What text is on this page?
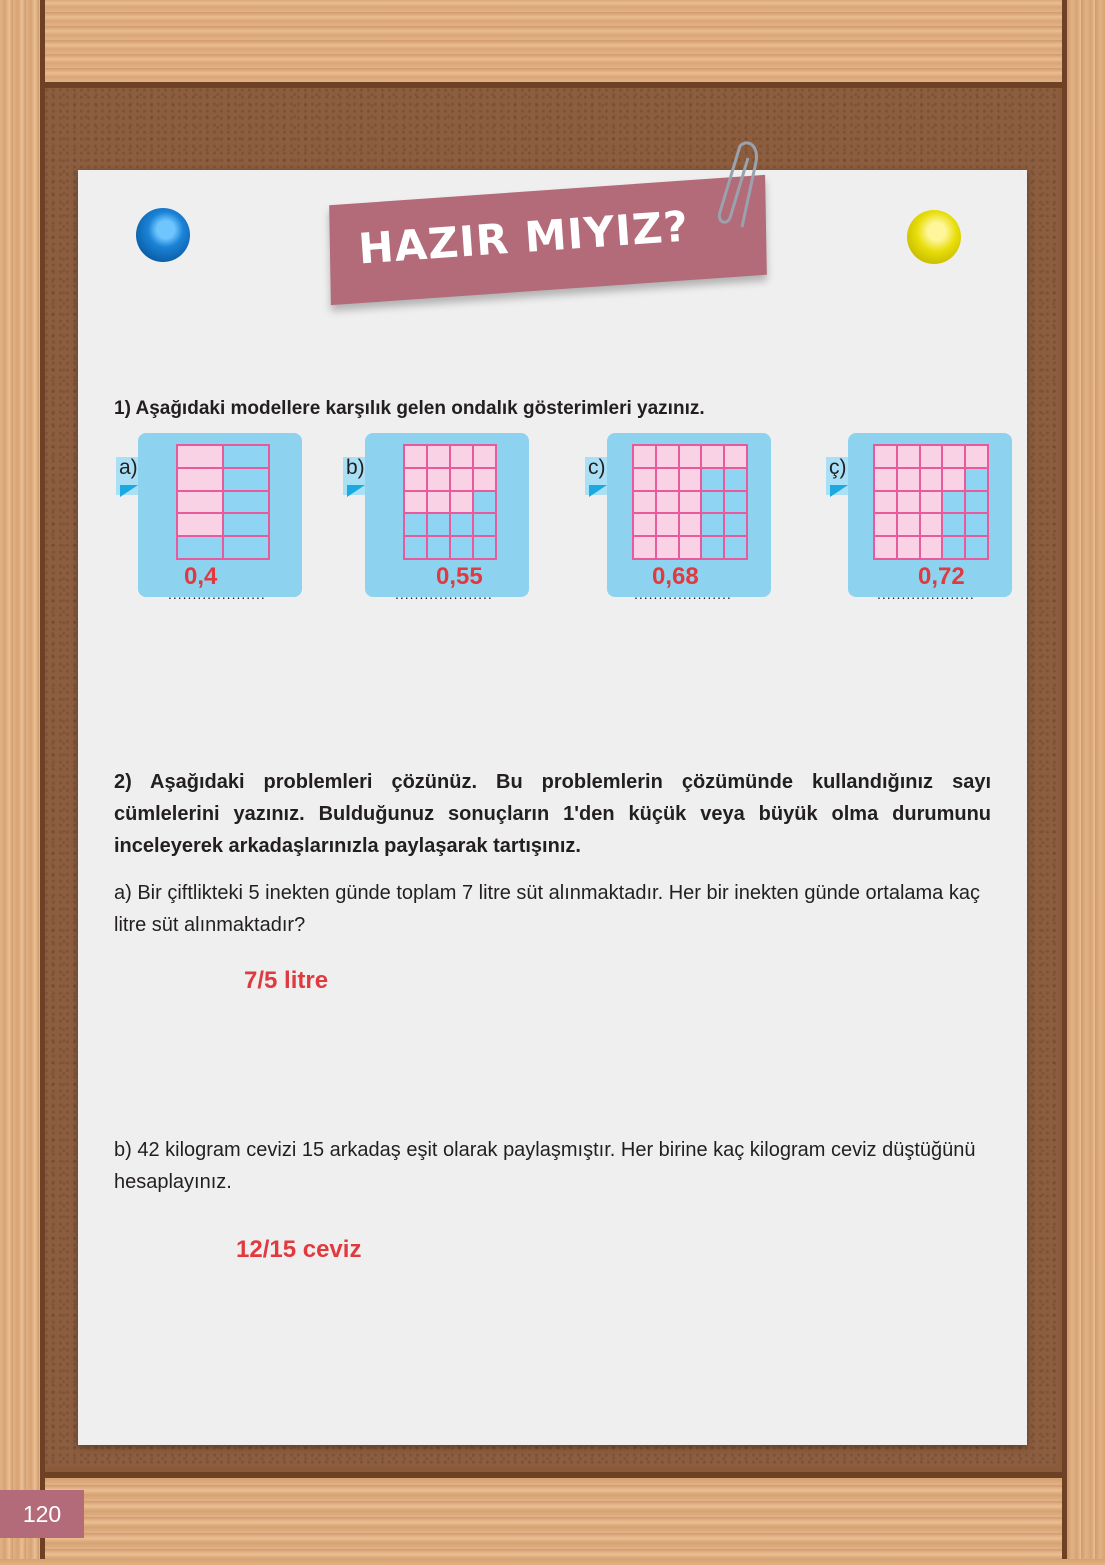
HAZIR MIYIZ?
1) Aşağıdaki modellere karşılık gelen ondalık gösterimleri yazınız.
a)
....................
0,4
b)
....................
0,55
c)
....................
0,68
ç)
....................
0,72
2) Aşağıdaki problemleri çözünüz. Bu problemlerin çözümünde kullandığınız sayı cümlelerini yazınız. Bulduğunuz sonuçların 1'den küçük veya büyük olma durumunu inceleyerek arkadaşlarınızla paylaşarak tartışınız.
a) Bir çiftlikteki 5 inekten günde toplam 7 litre süt alınmaktadır. Her bir inekten günde ortalama kaç litre süt alınmaktadır?
7/5 litre
b) 42 kilogram cevizi 15 arkadaş eşit olarak paylaşmıştır. Her birine kaç kilogram ceviz düştüğünü hesaplayınız.
12/15 ceviz
120
